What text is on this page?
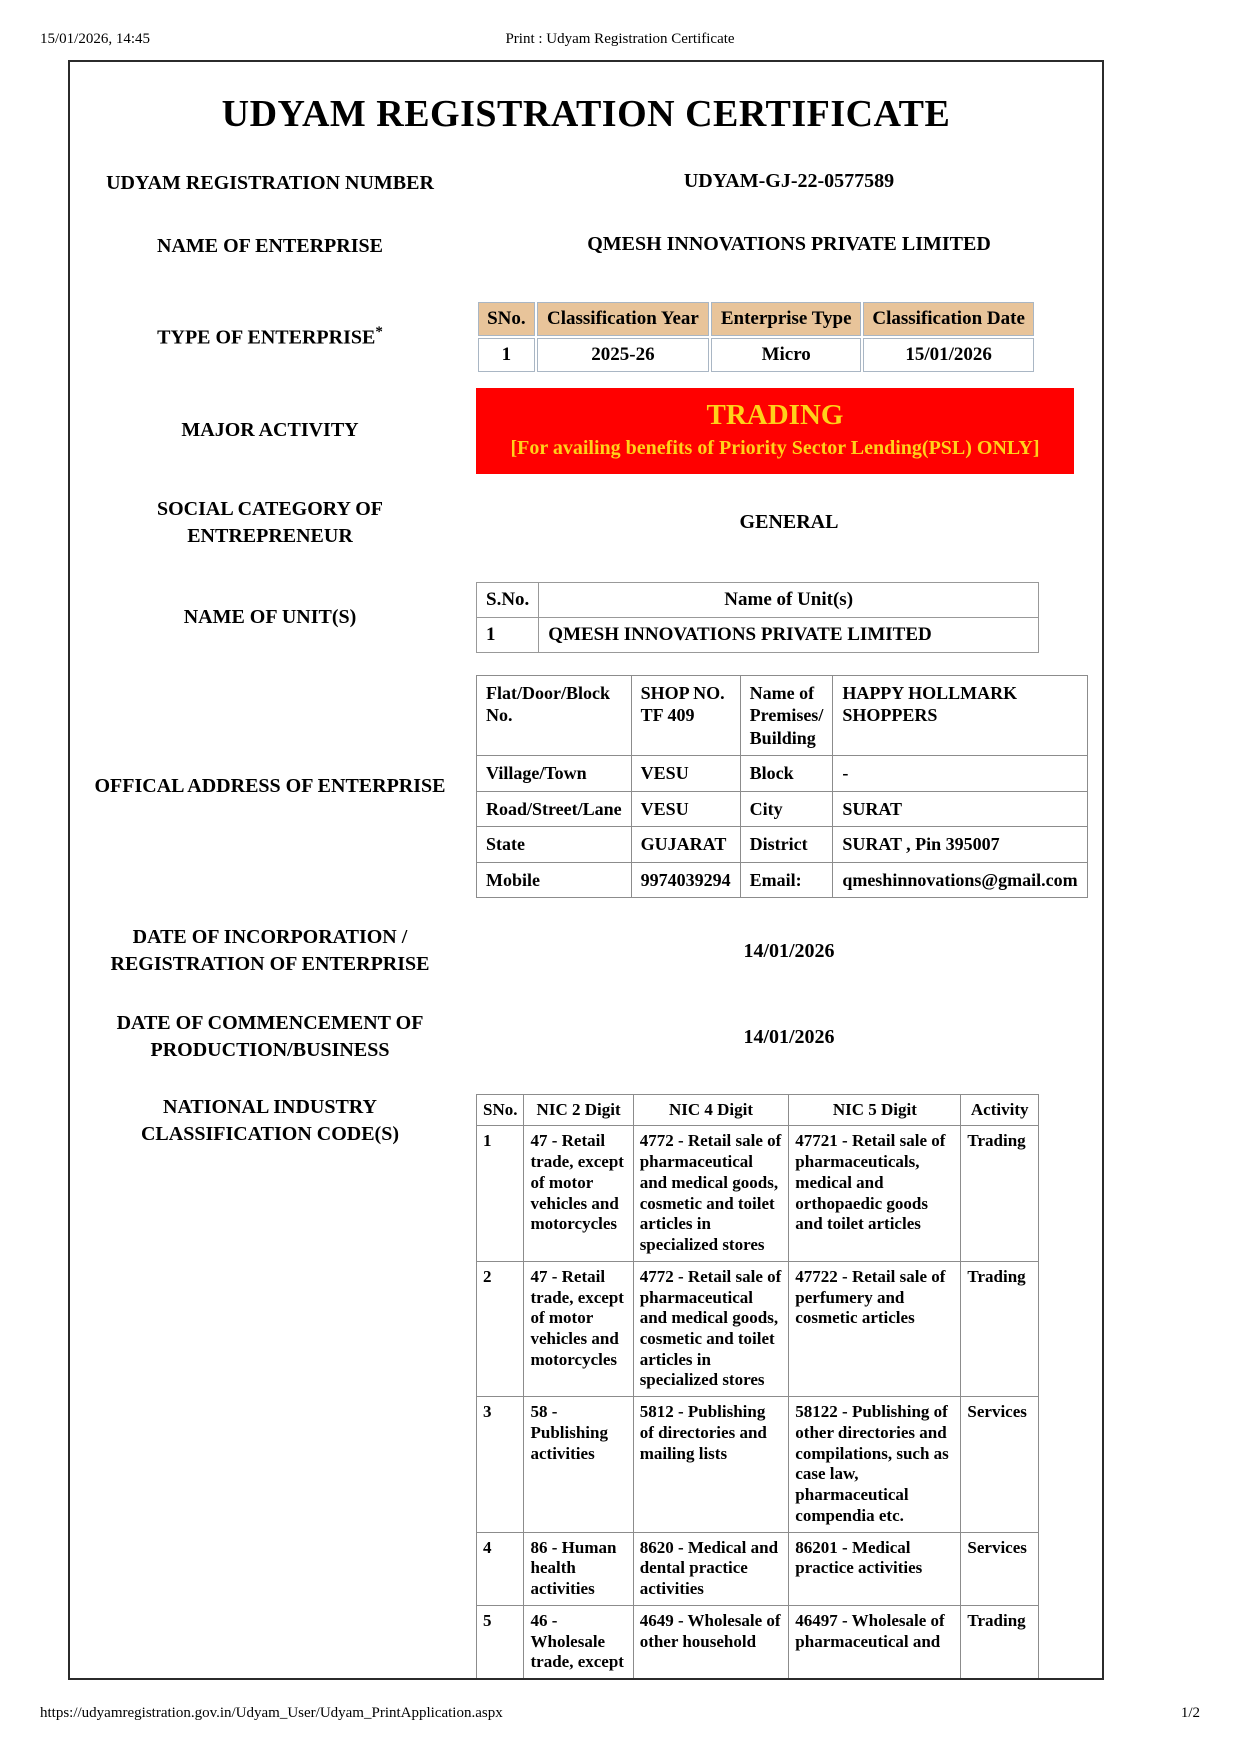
15/01/2026, 14:45	Print : Udyam Registration Certificate
UDYAM REGISTRATION CERTIFICATE
UDYAM REGISTRATION NUMBER	UDYAM-GJ-22-0577589
NAME OF ENTERPRISE	QMESH INNOVATIONS PRIVATE LIMITED
TYPE OF ENTERPRISE*
SNo.	Classification Year	Enterprise Type	Classification Date
1	2025-26	Micro	15/01/2026
MAJOR ACTIVITY	TRADING
[For availing benefits of Priority Sector Lending(PSL) ONLY]
SOCIAL CATEGORY OF
ENTREPRENEUR
GENERAL
NAME OF UNIT(S)
S.No.	Name of Unit(s)
1	QMESH INNOVATIONS PRIVATE LIMITED
OFFICAL ADDRESS OF ENTERPRISE
Flat/Door/Block No.	SHOP NO. TF 409	Name of Premises/ Building	HAPPY HOLLMARK SHOPPERS
Village/Town	VESU	Block	-
Road/Street/Lane	VESU	City	SURAT
State	GUJARAT	District	SURAT , Pin 395007
Mobile	9974039294	Email:	qmeshinnovations@gmail.com
DATE OF INCORPORATION /
REGISTRATION OF ENTERPRISE
14/01/2026
DATE OF COMMENCEMENT OF
PRODUCTION/BUSINESS
14/01/2026
NATIONAL INDUSTRY
CLASSIFICATION CODE(S)
SNo.	NIC 2 Digit	NIC 4 Digit	NIC 5 Digit	Activity
1	47 - Retail trade, except of motor vehicles and motorcycles	4772 - Retail sale of pharmaceutical and medical goods, cosmetic and toilet articles in specialized stores	47721 - Retail sale of pharmaceuticals, medical and orthopaedic goods and toilet articles	Trading
2	47 - Retail trade, except of motor vehicles and motorcycles	4772 - Retail sale of pharmaceutical and medical goods, cosmetic and toilet articles in specialized stores	47722 - Retail sale of perfumery and cosmetic articles	Trading
3	58 - Publishing activities	5812 - Publishing of directories and mailing lists	58122 - Publishing of other directories and compilations, such as case law, pharmaceutical compendia etc.	Services
4	86 - Human health activities	8620 - Medical and dental practice activities	86201 - Medical practice activities	Services
5	46 - Wholesale trade, except	4649 - Wholesale of other household	46497 - Wholesale of pharmaceutical and	Trading
https://udyamregistration.gov.in/Udyam_User/Udyam_PrintApplication.aspx	1/2
